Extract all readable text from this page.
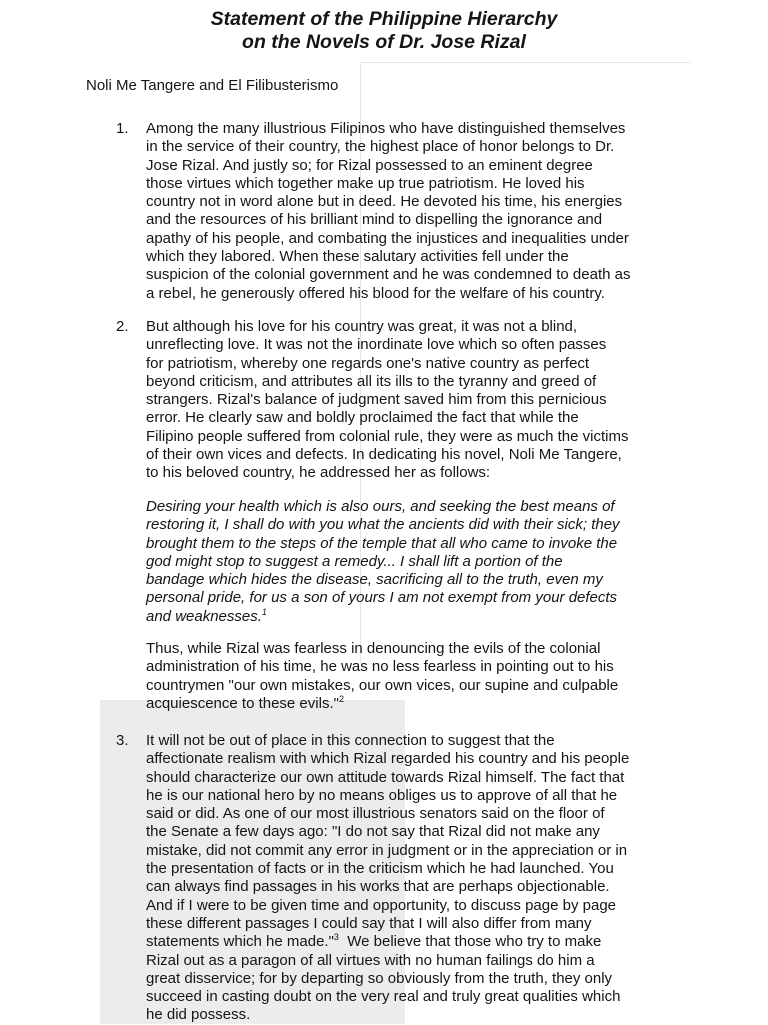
Statement of the Philippine Hierarchy
on the Novels of Dr. Jose Rizal
Noli Me Tangere and El Filibusterismo
1. Among the many illustrious Filipinos who have distinguished themselves
in the service of their country, the highest place of honor belongs to Dr.
Jose Rizal. And justly so; for Rizal possessed to an eminent degree
those virtues which together make up true patriotism. He loved his
country not in word alone but in deed. He devoted his time, his energies
and the resources of his brilliant mind to dispelling the ignorance and
apathy of his people, and combating the injustices and inequalities under
which they labored. When these salutary activities fell under the
suspicion of the colonial government and he was condemned to death as
a rebel, he generously offered his blood for the welfare of his country.
2. But although his love for his country was great, it was not a blind,
unreflecting love. It was not the inordinate love which so often passes
for patriotism, whereby one regards one's native country as perfect
beyond criticism, and attributes all its ills to the tyranny and greed of
strangers. Rizal's balance of judgment saved him from this pernicious
error. He clearly saw and boldly proclaimed the fact that while the
Filipino people suffered from colonial rule, they were as much the victims
of their own vices and defects. In dedicating his novel, Noli Me Tangere,
to his beloved country, he addressed her as follows:
Desiring your health which is also ours, and seeking the best means of
restoring it, I shall do with you what the ancients did with their sick; they
brought them to the steps of the temple that all who came to invoke the
god might stop to suggest a remedy... I shall lift a portion of the
bandage which hides the disease, sacrificing all to the truth, even my
personal pride, for us a son of yours I am not exempt from your defects
and weaknesses.$^1$
Thus, while Rizal was fearless in denouncing the evils of the colonial
administration of his time, he was no less fearless in pointing out to his
countrymen "our own mistakes, our own vices, our supine and culpable
acquiescence to these evils."$^2$
3. It will not be out of place in this connection to suggest that the
affectionate realism with which Rizal regarded his country and his people
should characterize our own attitude towards Rizal himself. The fact that
he is our national hero by no means obliges us to approve of all that he
said or did. As one of our most illustrious senators said on the floor of
the Senate a few days ago: "I do not say that Rizal did not make any
mistake, did not commit any error in judgment or in the appreciation or in
the presentation of facts or in the criticism which he had launched. You
can always find passages in his works that are perhaps objectionable.
And if I were to be given time and opportunity, to discuss page by page
these different passages I could say that I will also differ from many
statements which he made."$^3$  We believe that those who try to make
Rizal out as a paragon of all virtues with no human failings do him a
great disservice; for by departing so obviously from the truth, they only
succeed in casting doubt on the very real and truly great qualities which
he did possess.
